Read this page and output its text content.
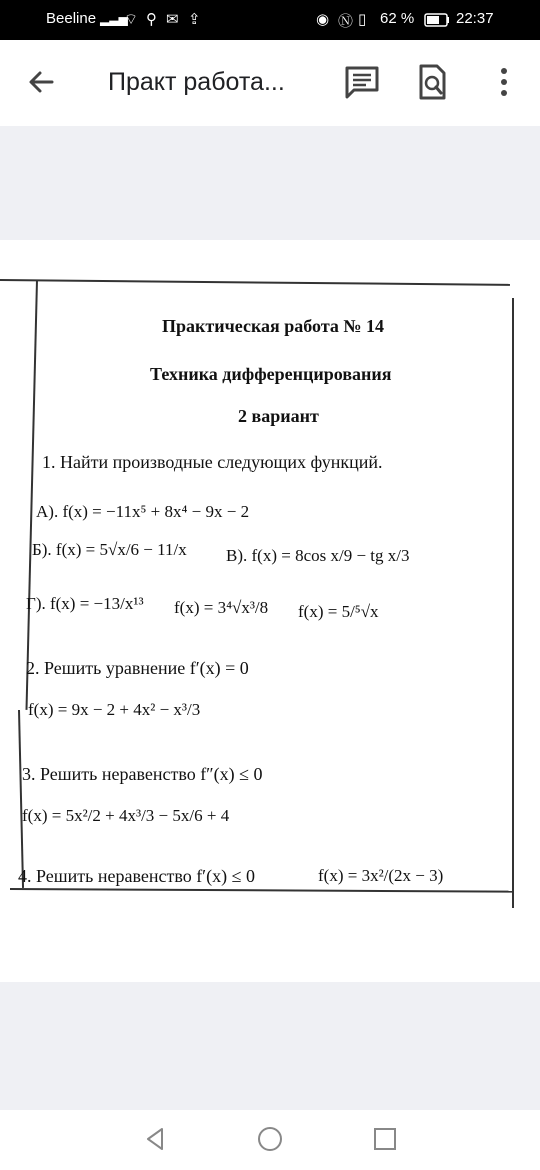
Beeline ▂▃▅
⌔ ⚲ ✉ ⇪	◉ Ⓝ ▯ 62 %	22:37
Практ работа...
Практическая работа № 14
Техника дифференцирования
2 вариант
1. Найти производные следующих функций.
А). f(x) = −11x⁵ + 8x⁴ − 9x − 2
Б). f(x) = 5√x/6 − 11/x В). f(x) = 8cos x/9 − tg x/3
Г). f(x) = −13/x¹³ f(x) = 3⁴√x³/8 f(x) = 5/⁵√x
2. Решить уравнение f′(x) = 0
f(x) = 9x − 2 + 4x² − x³/3
3. Решить неравенство f″(x) ≤ 0
f(x) = 5x²/2 + 4x³/3 − 5x/6 + 4
4. Решить неравенство f′(x) ≤ 0	f(x) = 3x²/(2x − 3)
